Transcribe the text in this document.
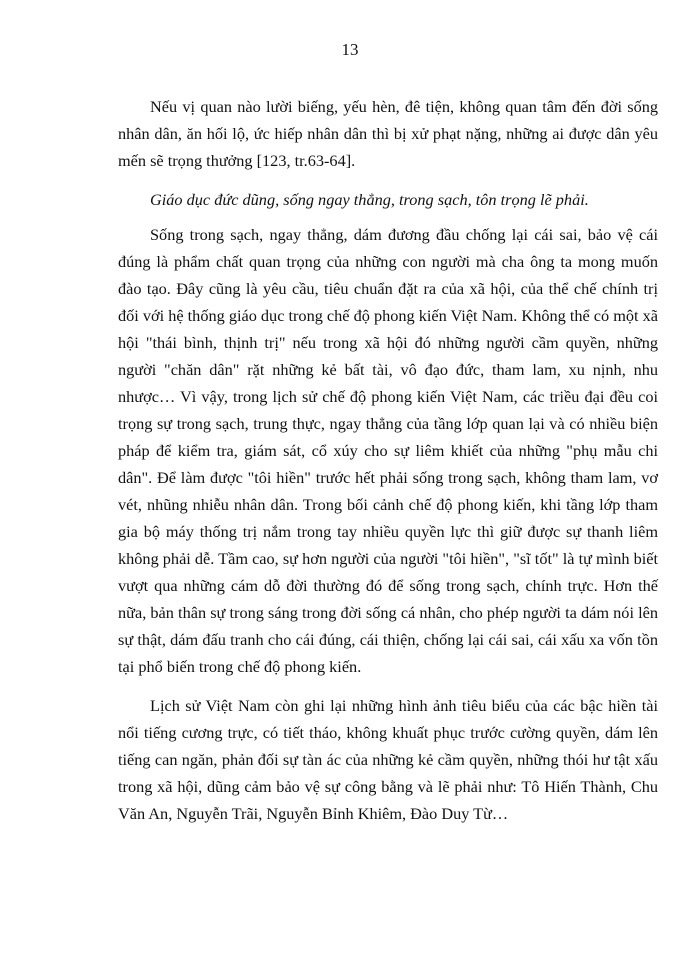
13

Nếu vị quan nào lười biếng, yếu hèn, đê tiện, không quan tâm đến đời sống nhân dân, ăn hối lộ, ức hiếp nhân dân thì bị xử phạt nặng, những ai được dân yêu mến sẽ trọng thưởng [123, tr.63-64].

Giáo dục đức dũng, sống ngay thẳng, trong sạch, tôn trọng lẽ phải.

Sống trong sạch, ngay thẳng, dám đương đầu chống lại cái sai, bảo vệ cái đúng là phẩm chất quan trọng của những con người mà cha ông ta mong muốn đào tạo. Đây cũng là yêu cầu, tiêu chuẩn đặt ra của xã hội, của thể chế chính trị đối với hệ thống giáo dục trong chế độ phong kiến Việt Nam. Không thể có một xã hội "thái bình, thịnh trị" nếu trong xã hội đó những người cầm quyền, những người "chăn dân" rặt những kẻ bất tài, vô đạo đức, tham lam, xu nịnh, nhu nhược… Vì vậy, trong lịch sử chế độ phong kiến Việt Nam, các triều đại đều coi trọng sự trong sạch, trung thực, ngay thẳng của tầng lớp quan lại và có nhiều biện pháp để kiểm tra, giám sát, cổ xúy cho sự liêm khiết của những "phụ mẫu chi dân". Để làm được "tôi hiền" trước hết phải sống trong sạch, không tham lam, vơ vét, nhũng nhiễu nhân dân. Trong bối cảnh chế độ phong kiến, khi tầng lớp tham gia bộ máy thống trị nắm trong tay nhiều quyền lực thì giữ được sự thanh liêm không phải dễ. Tầm cao, sự hơn người của người "tôi hiền", "sĩ tốt" là tự mình biết vượt qua những cám dỗ đời thường đó để sống trong sạch, chính trực. Hơn thế nữa, bản thân sự trong sáng trong đời sống cá nhân, cho phép người ta dám nói lên sự thật, dám đấu tranh cho cái đúng, cái thiện, chống lại cái sai, cái xấu xa vốn tồn tại phổ biến trong chế độ phong kiến.

Lịch sử Việt Nam còn ghi lại những hình ảnh tiêu biểu của các bậc hiền tài nổi tiếng cương trực, có tiết tháo, không khuất phục trước cường quyền, dám lên tiếng can ngăn, phản đối sự tàn ác của những kẻ cầm quyền, những thói hư tật xấu trong xã hội, dũng cảm bảo vệ sự công bằng và lẽ phải như: Tô Hiến Thành, Chu Văn An, Nguyễn Trãi, Nguyễn Bỉnh Khiêm, Đào Duy Từ…
